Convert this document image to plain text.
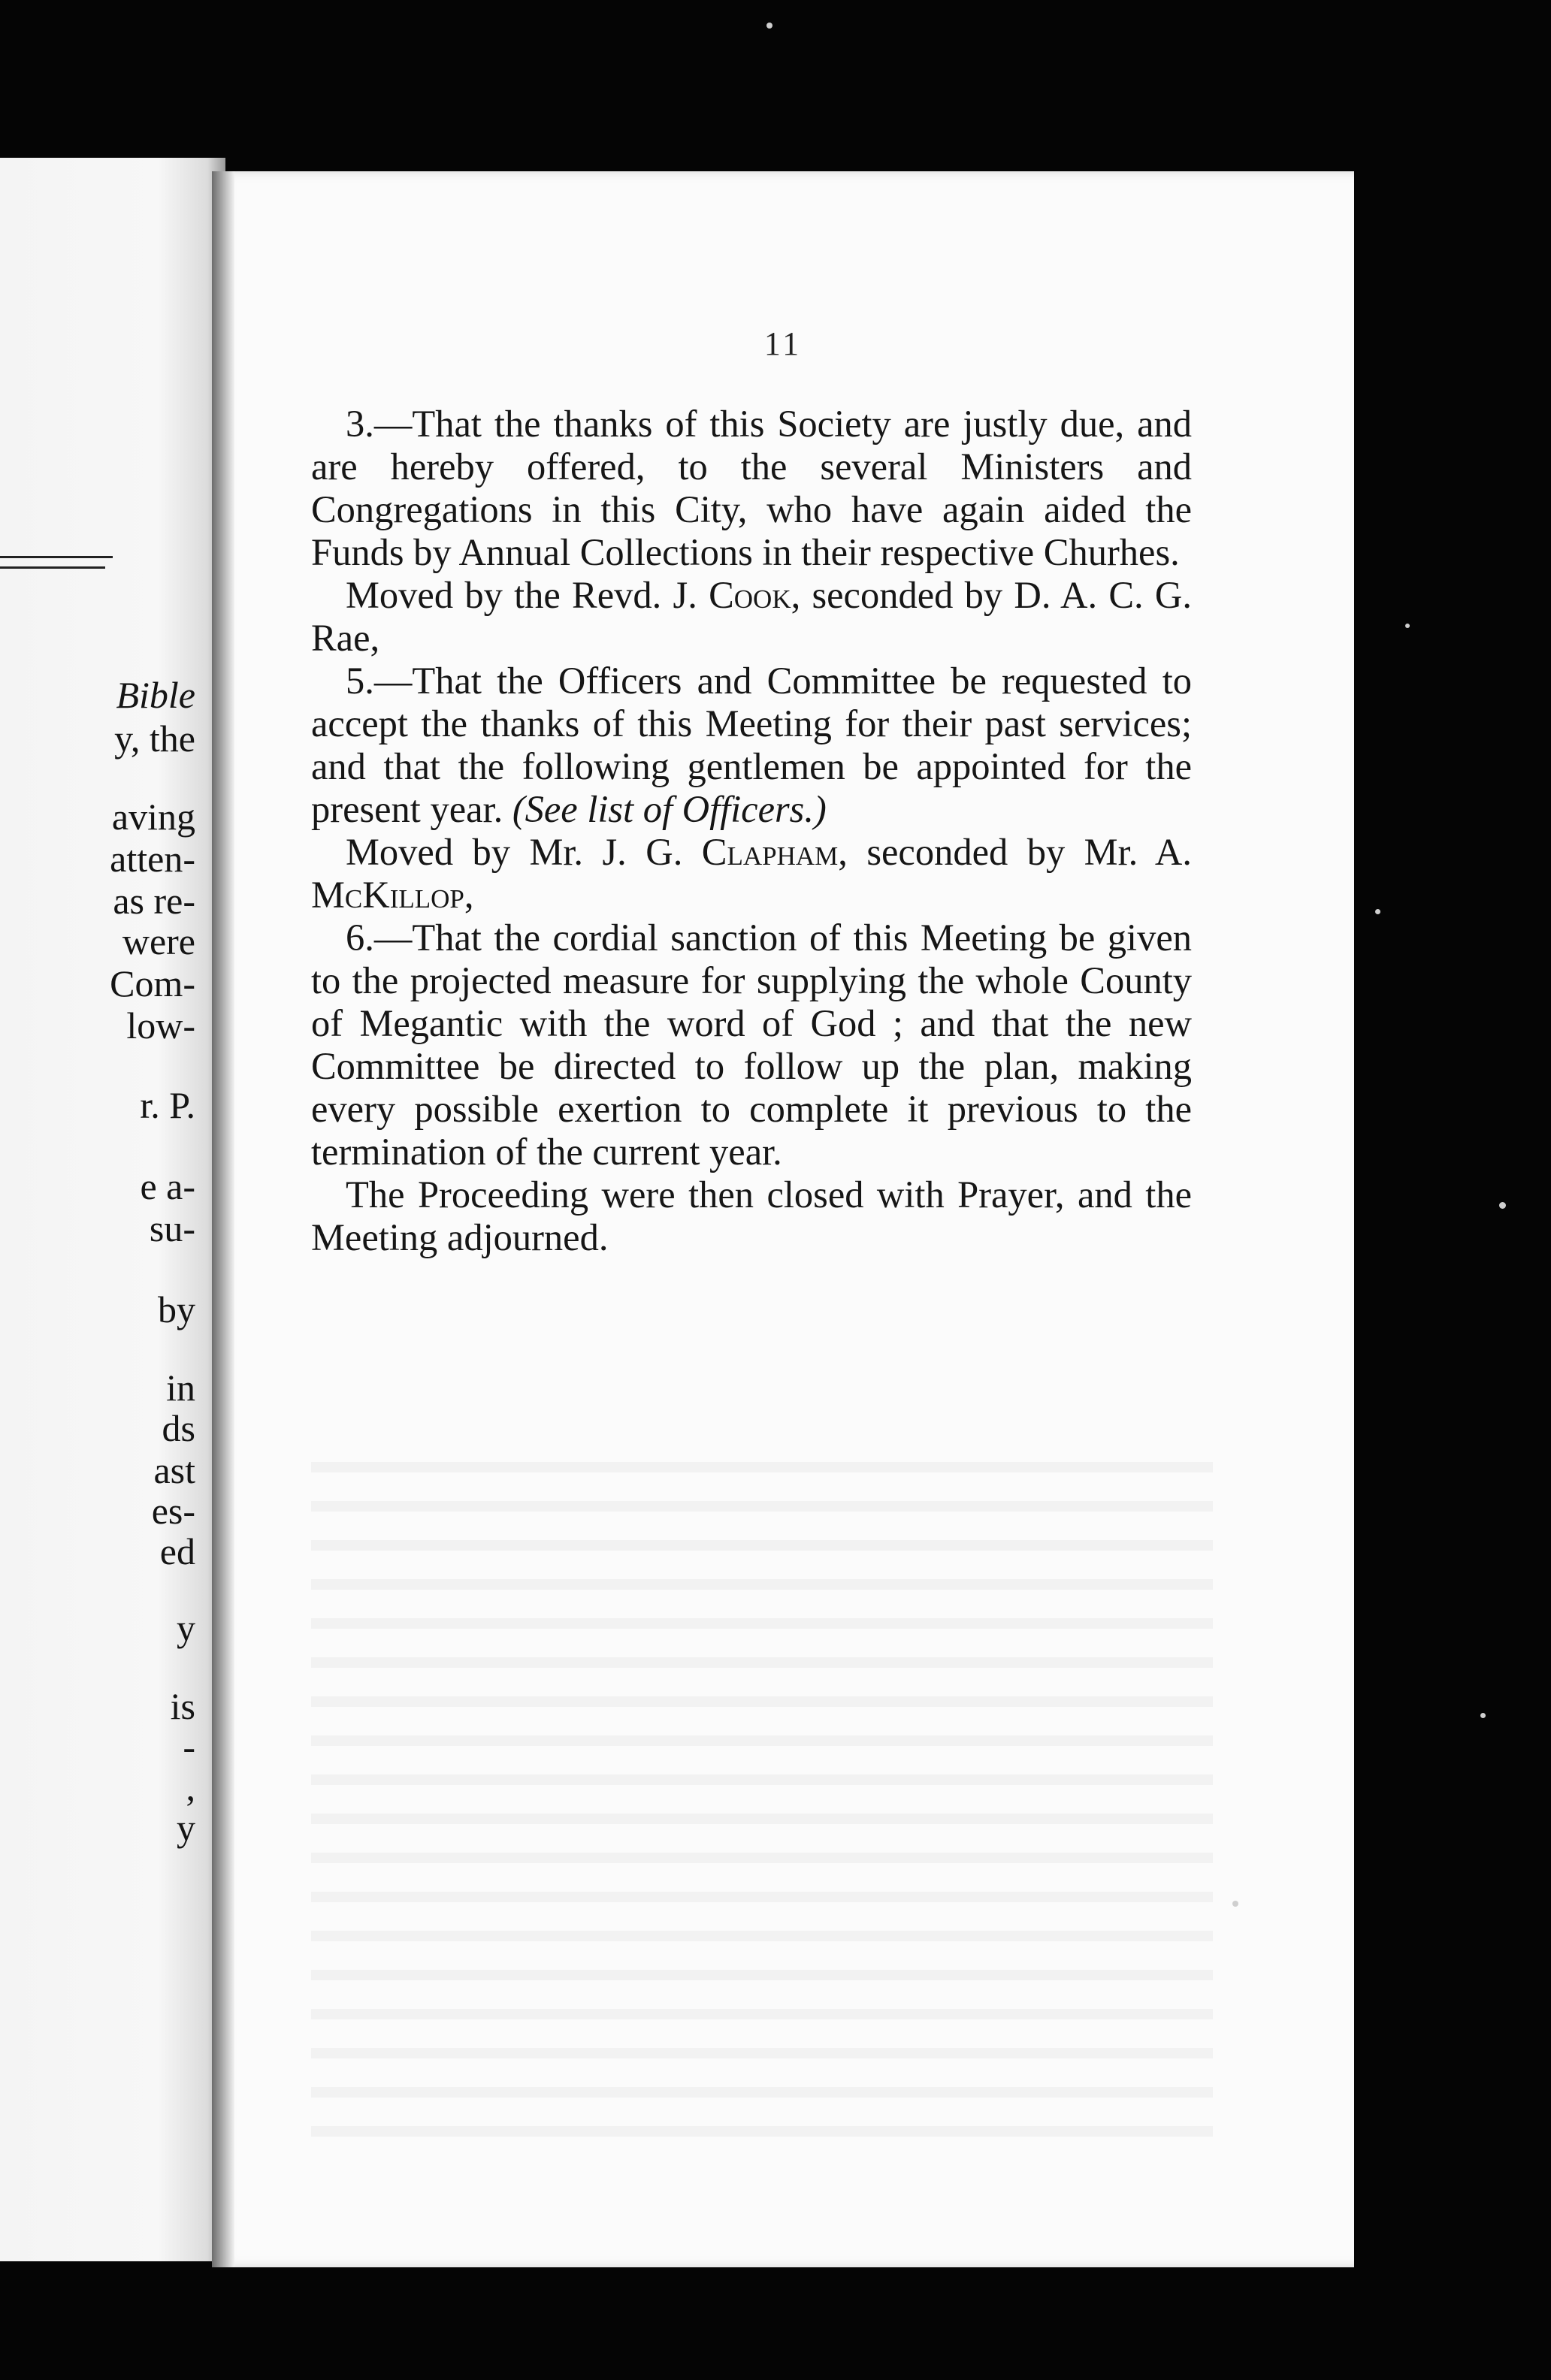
Bible
y, the
aving
atten-
as re-
were
Com-
low-
r. P.
e a-
su-
by
in
ds
ast
es-
ed
y
is
-
,
y
11

3.—That the thanks of this Society are justly due, and are hereby offered, to the several Ministers and Congregations in this City, who have again aided the Funds by Annual Collections in their respective Churhes.

Moved by the Revd. J. Cook, seconded by D. A. C. G. Rae,

5.—That the Officers and Committee be requested to accept the thanks of this Meeting for their past services; and that the following gentlemen be appointed for the present year. (See list of Officers.)

Moved by Mr. J. G. Clapham, seconded by Mr. A. McKillop,

6.—That the cordial sanction of this Meeting be given to the projected measure for supplying the whole County of Megantic with the word of God ; and that the new Committee be directed to follow up the plan, making every possible exertion to complete it previous to the termination of the current year.

The Proceeding were then closed with Prayer, and the Meeting adjourned.
